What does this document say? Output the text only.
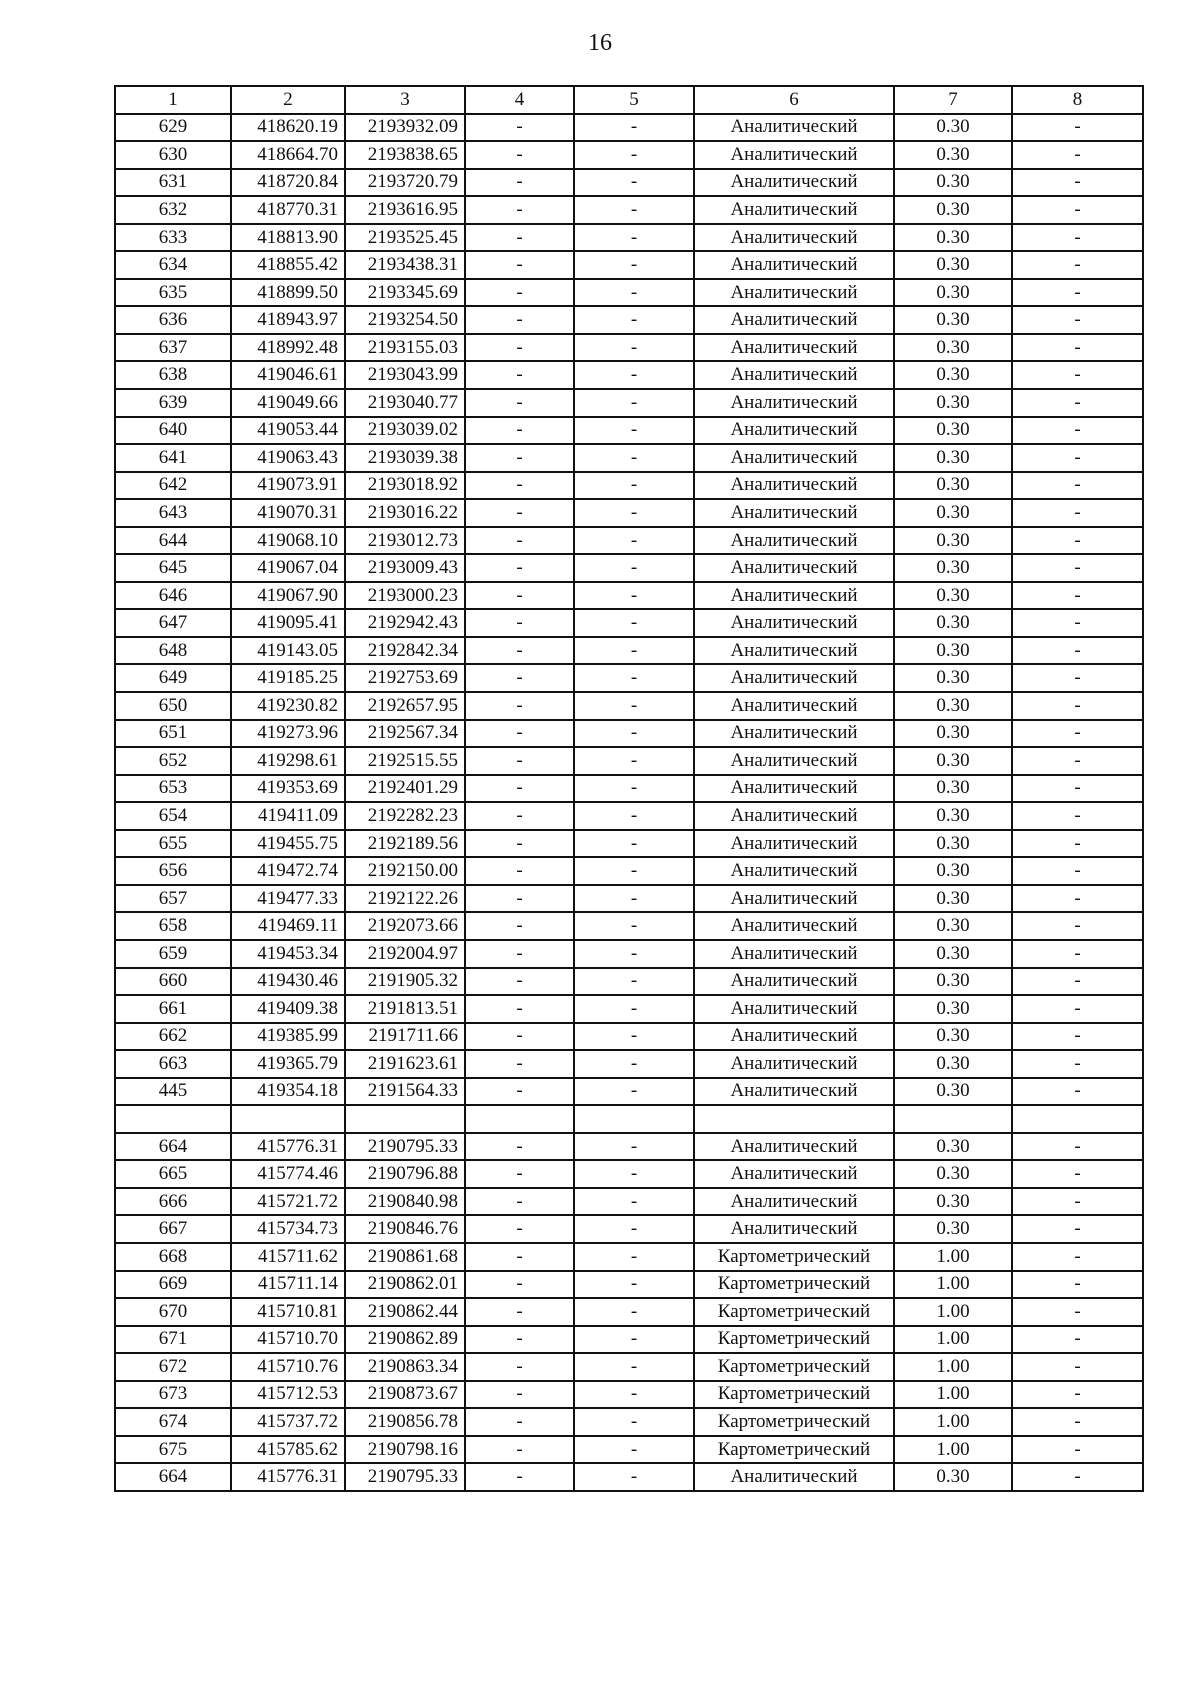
16
1	2	3	4	5	6	7	8
629	418620.19	2193932.09	-	-	Аналитический	0.30	-
630	418664.70	2193838.65	-	-	Аналитический	0.30	-
631	418720.84	2193720.79	-	-	Аналитический	0.30	-
632	418770.31	2193616.95	-	-	Аналитический	0.30	-
633	418813.90	2193525.45	-	-	Аналитический	0.30	-
634	418855.42	2193438.31	-	-	Аналитический	0.30	-
635	418899.50	2193345.69	-	-	Аналитический	0.30	-
636	418943.97	2193254.50	-	-	Аналитический	0.30	-
637	418992.48	2193155.03	-	-	Аналитический	0.30	-
638	419046.61	2193043.99	-	-	Аналитический	0.30	-
639	419049.66	2193040.77	-	-	Аналитический	0.30	-
640	419053.44	2193039.02	-	-	Аналитический	0.30	-
641	419063.43	2193039.38	-	-	Аналитический	0.30	-
642	419073.91	2193018.92	-	-	Аналитический	0.30	-
643	419070.31	2193016.22	-	-	Аналитический	0.30	-
644	419068.10	2193012.73	-	-	Аналитический	0.30	-
645	419067.04	2193009.43	-	-	Аналитический	0.30	-
646	419067.90	2193000.23	-	-	Аналитический	0.30	-
647	419095.41	2192942.43	-	-	Аналитический	0.30	-
648	419143.05	2192842.34	-	-	Аналитический	0.30	-
649	419185.25	2192753.69	-	-	Аналитический	0.30	-
650	419230.82	2192657.95	-	-	Аналитический	0.30	-
651	419273.96	2192567.34	-	-	Аналитический	0.30	-
652	419298.61	2192515.55	-	-	Аналитический	0.30	-
653	419353.69	2192401.29	-	-	Аналитический	0.30	-
654	419411.09	2192282.23	-	-	Аналитический	0.30	-
655	419455.75	2192189.56	-	-	Аналитический	0.30	-
656	419472.74	2192150.00	-	-	Аналитический	0.30	-
657	419477.33	2192122.26	-	-	Аналитический	0.30	-
658	419469.11	2192073.66	-	-	Аналитический	0.30	-
659	419453.34	2192004.97	-	-	Аналитический	0.30	-
660	419430.46	2191905.32	-	-	Аналитический	0.30	-
661	419409.38	2191813.51	-	-	Аналитический	0.30	-
662	419385.99	2191711.66	-	-	Аналитический	0.30	-
663	419365.79	2191623.61	-	-	Аналитический	0.30	-
445	419354.18	2191564.33	-	-	Аналитический	0.30	-

664	415776.31	2190795.33	-	-	Аналитический	0.30	-
665	415774.46	2190796.88	-	-	Аналитический	0.30	-
666	415721.72	2190840.98	-	-	Аналитический	0.30	-
667	415734.73	2190846.76	-	-	Аналитический	0.30	-
668	415711.62	2190861.68	-	-	Картометрический	1.00	-
669	415711.14	2190862.01	-	-	Картометрический	1.00	-
670	415710.81	2190862.44	-	-	Картометрический	1.00	-
671	415710.70	2190862.89	-	-	Картометрический	1.00	-
672	415710.76	2190863.34	-	-	Картометрический	1.00	-
673	415712.53	2190873.67	-	-	Картометрический	1.00	-
674	415737.72	2190856.78	-	-	Картометрический	1.00	-
675	415785.62	2190798.16	-	-	Картометрический	1.00	-
664	415776.31	2190795.33	-	-	Аналитический	0.30	-
